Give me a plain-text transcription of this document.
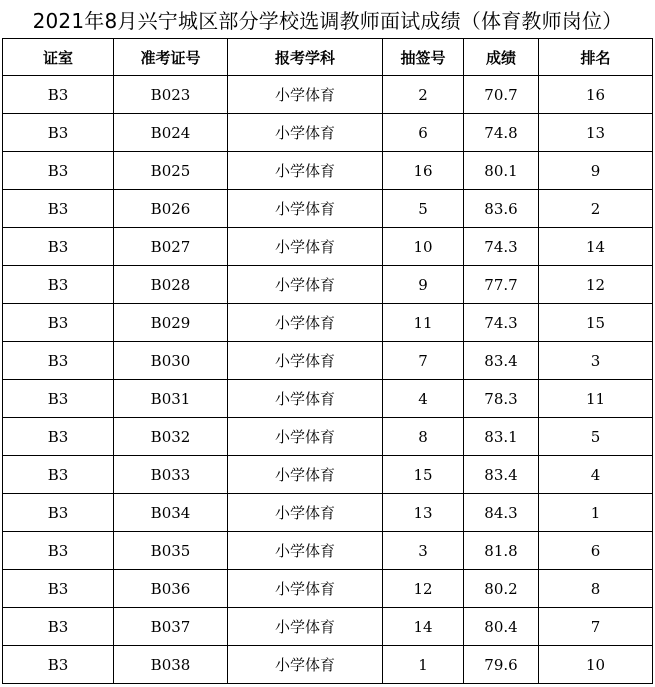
2021年8月兴宁城区部分学校选调教师面试成绩（体育教师岗位）
证室	准考证号	报考学科	抽签号	成绩	排名
B3	B023	小学体育	2	70.7	16
B3	B024	小学体育	6	74.8	13
B3	B025	小学体育	16	80.1	9
B3	B026	小学体育	5	83.6	2
B3	B027	小学体育	10	74.3	14
B3	B028	小学体育	9	77.7	12
B3	B029	小学体育	11	74.3	15
B3	B030	小学体育	7	83.4	3
B3	B031	小学体育	4	78.3	11
B3	B032	小学体育	8	83.1	5
B3	B033	小学体育	15	83.4	4
B3	B034	小学体育	13	84.3	1
B3	B035	小学体育	3	81.8	6
B3	B036	小学体育	12	80.2	8
B3	B037	小学体育	14	80.4	7
B3	B038	小学体育	1	79.6	10
